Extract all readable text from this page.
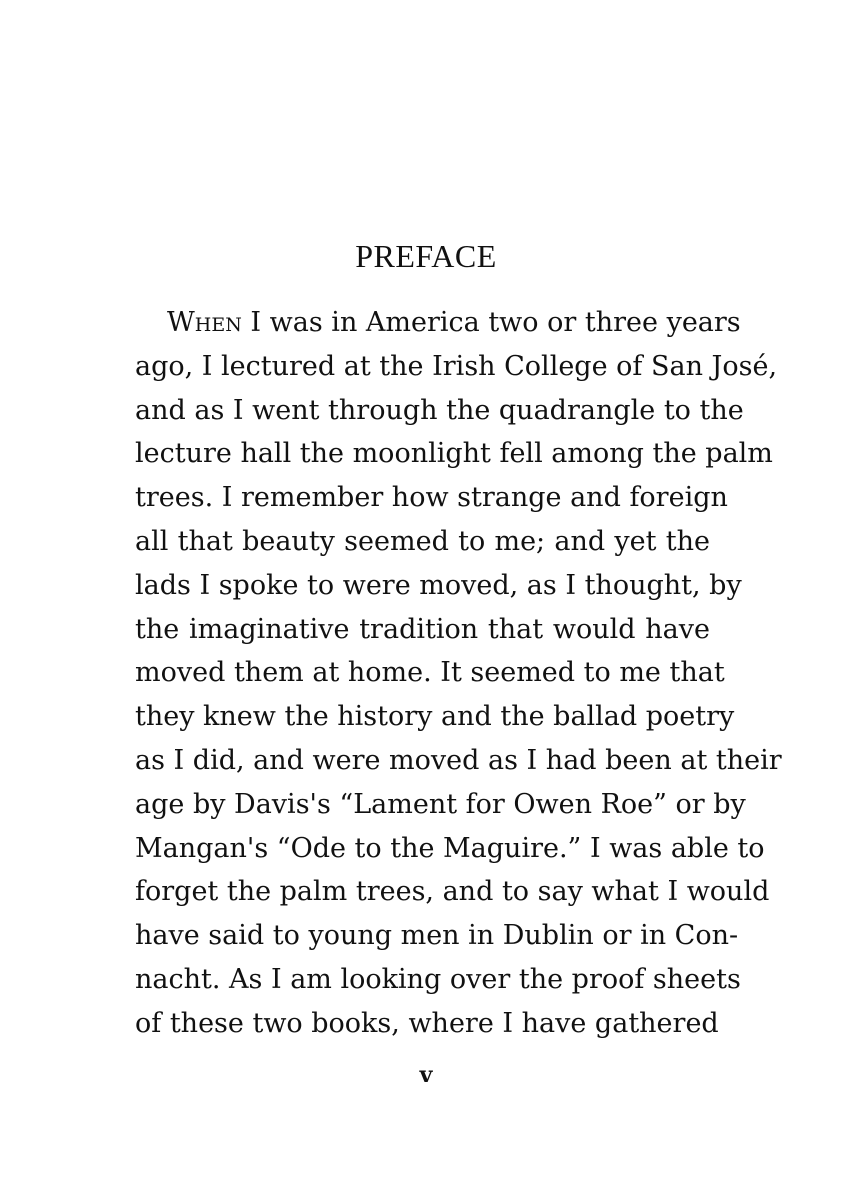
PREFACE
When I was in America two or three years
ago, I lectured at the Irish College of San José,
and as I went through the quadrangle to the
lecture hall the moonlight fell among the palm
trees. I remember how strange and foreign
all that beauty seemed to me; and yet the
lads I spoke to were moved, as I thought, by
the imaginative tradition that would have
moved them at home. It seemed to me that
they knew the history and the ballad poetry
as I did, and were moved as I had been at their
age by Davis's “Lament for Owen Roe” or by
Mangan's “Ode to the Maguire.” I was able to
forget the palm trees, and to say what I would
have said to young men in Dublin or in Con-
nacht. As I am looking over the proof sheets
of these two books, where I have gathered
v
